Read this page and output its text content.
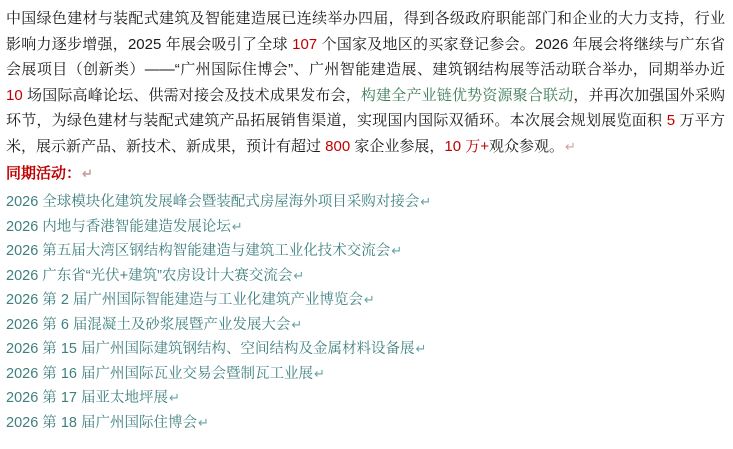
中国绿色建材与装配式建筑及智能建造展已连续举办四届，得到各级政府职能部门和企业的大力支持，行业影响力逐步增强，2025 年展会吸引了全球 107 个国家及地区的买家登记参会。2026 年展会将继续与广东省会展项目（创新类）——“广州国际住博会”、广州智能建造展、建筑钢结构展等活动联合举办，同期举办近 10 场国际高峰论坛、供需对接会及技术成果发布会，构建全产业链优势资源聚合联动，并再次加强国外采购环节，为绿色建材与装配式建筑产品拓展销售渠道，实现国内国际双循环。本次展会规划展览面积 5 万平方米，展示新产品、新技术、新成果，预计有超过 800 家企业参展，10 万+观众参观。↵

同期活动：↵
2026 全球模块化建筑发展峰会暨装配式房屋海外项目采购对接会↵
2026 内地与香港智能建造发展论坛↵
2026 第五届大湾区钢结构智能建造与建筑工业化技术交流会↵
2026 广东省“光伏+建筑”农房设计大赛交流会↵
2026 第 2 届广州国际智能建造与工业化建筑产业博览会↵
2026 第 6 届混凝土及砂浆展暨产业发展大会↵
2026 第 15 届广州国际建筑钢结构、空间结构及金属材料设备展↵
2026 第 16 届广州国际瓦业交易会暨制瓦工业展↵
2026 第 17 届亚太地坪展↵
2026 第 18 届广州国际住博会↵
